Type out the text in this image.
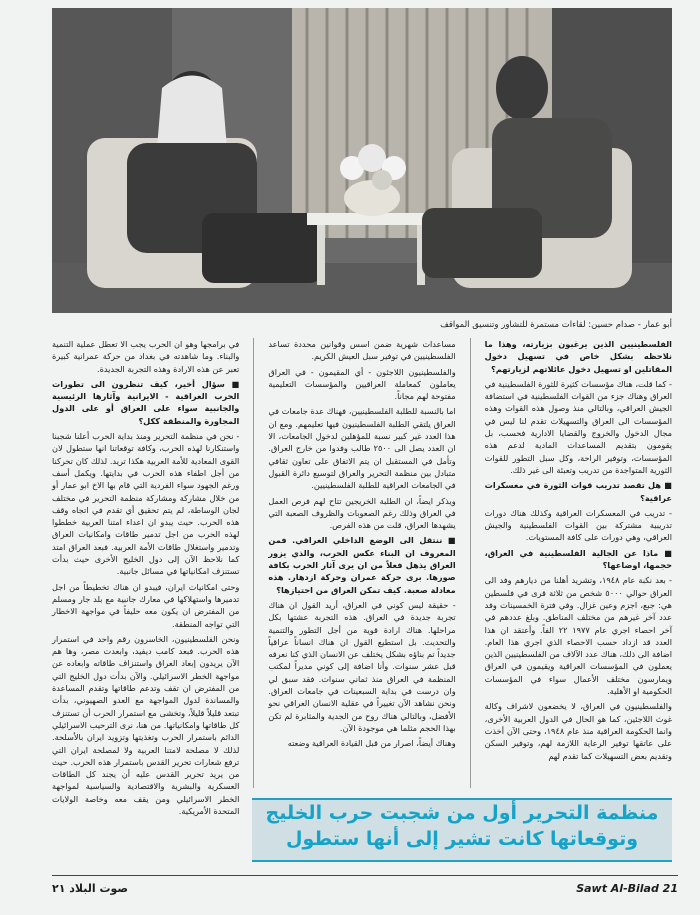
أبو عمار - صدام حسين: لقاءات مستمرة للتشاور وتنسيق المواقف

الفلسطينيين الذين يرغبون بزيارته، وهذا ما نلاحظه بشكل خاص في تسهيل دخول المقاتلين او تسهيل دخول عائلاتهم لزيارتهم؟

- كما قلت، هناك مؤسسات كثيرة للثورة الفلسطينية في العراق وهناك جزء من القوات الفلسطينية في استضافة الجيش العراقي، وبالتالي منذ وصول هذه القوات وهذه المؤسسات الى العراق والتسهيلات تقدم لنا ليس في مجال الدخول والخروج والقضايا الادارية فحسب، بل يقومون بتقديم المساعدات المادية لدعم هذه المؤسسات، وتوفير الراحة، وكل سبل التطور للقوات الثورية المتواجدة من تدريب وتعبئة الى غير ذلك.

■ هل تقصد تدريب قوات الثورة في معسكرات عراقية؟

- تدريب في المعسكرات العراقية وكذلك هناك دورات تدريبية مشتركة بين القوات الفلسطينية والجيش العراقي، وهي دورات على كافة المستويات.

■ ماذا عن الجالية الفلسطينية في العراق، حجمها، اوضاعها؟

- بعد نكبة عام ١٩٤٨، وتشريد أهلنا من ديارهم وفد الى العراق حوالي ٥٠٠٠ شخص من ثلاثة قرى في فلسطين هي: جبع، اجزم وعين غزال. وفي فترة الخمسينات وفد عدد آخر غيرهم من مختلف المناطق. وبلغ عددهم في آخر احصاء اجري عام ١٩٧٧ ٢٢ الفاً. وأعتقد ان هذا العدد قد ازداد حسب الاحصاء الذي اجري هذا العام. اضافة الى ذلك، هناك عدد الآلاف من الفلسطينيين الذين يعملون في المؤسسات العراقية ويقيمون في العراق ويمارسون مختلف الأعمال سواء في المؤسسات الحكومية او الأهلية.

والفلسطينيون في العراق، لا يخضعون لاشراف وكالة غوث اللاجئين، كما هو الحال في الدول العربية الأخرى، وانما الحكومة العراقية منذ عام ١٩٤٨، وحتى الآن أخذت على عاتقها توفير الرعاية اللازمة لهم، وتوفير السكن وتقديم بعض التسهيلات كما تقدم لهم

مساعدات شهرية ضمن اسس وقوانين محددة تساعد الفلسطينيين في توفير سبل العيش الكريم.

والفلسطينيون اللاجئون - أي المقيمون - في العراق يعاملون كمعاملة العراقيين والمؤسسات التعليمية مفتوحة لهم مجاناً.

اما بالنسبة للطلبة الفلسطينيين، فهناك عدة جامعات في العراق يلتقي الطلبة الفلسطينيون فيها تعليمهم. ومع ان هذا العدد غير كبير نسبة للمؤهلين لدخول الجامعات، الا ان العدد يصل الى ٢٥٠٠ طالب وفدوا من خارج العراق. وتأمل في المستقبل ان يتم الاتفاق على تعاون ثقافي متبادل بين منظمة التحرير والعراق لتوسيع دائرة القبول في الجامعات العراقية للطلبة الفلسطينيين.

ويذكر ايضاً، ان الطلبة الخريجين تتاح لهم فرص العمل في العراق وذلك رغم الصعوبات والظروف الصعبة التي يشهدها العراق، قلت من هذه الفرص.

■ ننتقل الى الوضع الداخلي العراقي. فمن المعروف ان البناء عكس الحرب، والذي يزور العراق يذهل فعلاً من ان يرى آثار الحرب بكافة صورها. برى حركة عمران وحركة ازدهار. هذه معادلة صعبة. كيف تمكن العراق من احتيازها؟

- حقيقة ليس كوني في العراق، أريد القول ان هناك تجربة جديدة في العراق. هذه التجربة عشتها بكل مراحلها. هناك ارادة قوية من أجل التطور والتنمية والتحديث. بل استطيع القول ان هناك انساناً عراقياً جديداً تم بناؤه بشكل يختلف عن الانسان الذي كنا نعرفه قبل عشر سنوات. وأنا اضافة إلى كوني مديراً لمكتب المنظمة في العراق منذ ثماني سنوات. فقد سبق لي وان درست في بداية السبعينات في جامعات العراق. ونحن نشاهد الآن تغييراً في عقلية الانسان العراقي نحو الأفضل، وبالتالي هناك روح من الجدية والمثابرة لم تكن بهذا الحجم مثلما هي موجودة الآن.

وهناك أيضاً، اصرار من قبل القيادة العراقية وضعته

في برامجها وهو ان الحرب يجب الا تعطل عملية التنمية والبناء. وما شاهدته في بغداد من حركة عمرانية كبيرة تعبر عن هذه الارادة وهذه التجربة الجديدة.

■ سؤال أخير، كيف تنظرون الى تطورات الحرب العراقية - الايرانية وآثارها الرئيسية والجانبية سواء على العراق أو على الدول المجاورة والمنطقة ككل؟

- نحن في منظمة التحرير ومنذ بداية الحرب أعلنا شجبنا واستنكارنا لهذه الحرب، وكافة توقعاتنا انها ستطول لان القوى المعادية للأمة العربية هكذا تريد. لذلك كان تحركنا من أجل اطفاء هذه الحرب في بدايتها. ويكمل أسف ورغم الجهود سواء الفردية التي قام بها الاخ ابو عمار أو من خلال مشاركة ومشاركة منظمة التحرير في مختلف لجان الوساطة، لم يتم تحقيق أي تقدم في اتجاه وقف هذه الحرب. حيث يبدو ان اعداء امتنا العربية خططوا لهذه الحرب من اجل تدمير طاقات وامكانيات العراق وتدمير واستغلال طاقات الأمة العربية. فبعد العراق امتد كما نلاحظ الآن إلى دول الخليج الأخرى حيث بدأت تستنزف امكانياتها في مسائل جانبية.

وحتى امكانيات ايران، فيبدو ان هناك تخطيطاً من اجل تدميرها واستهلاكها في معارك جانبية مع بلد جار ومسلم من المفترض ان يكون معه حليفاً في مواجهة الاخطار التي تواجه المنطقة.

ونحن الفلسطينيون، الخاسرون رقم واحد في استمرار هذه الحرب. فبعد كامب ديفيد، وابعدت مصر، وها هم الآن يريدون إبعاد العراق واستنزاف طاقاته وابعاده عن مواجهة الخطر الاسرائيلي. والآن بدأت دول الخليج التي من المفترض ان تقف وتدعم طاقاتها وتقدم المساعدة والمساندة لدول المواجهة مع العدو الصهيوني، بدأت تبتعد قليلاً قليلاً، وتخشى مع استمرار الحرب أن تستنزف كل طاقاتها وامكانياتها. من هنا، نرى الترحيب الاسرائيلي الدائم باستمرار الحرب وتغذيتها وتزويد ايران بالأسلحة. لذلك لا مصلحة لامتنا العربية ولا لمصلحة ايران التي ترفع شعارات تحرير القدس باستمرار هذه الحرب. حيث من يريد تحرير القدس عليه أن يجند كل الطاقات العسكرية والبشرية والاقتصادية والسياسية لمواجهة الخطر الاسرائيلي ومن يقف معه وخاصة الولايات المتحدة الأمريكية.	منظمة التحرير أول من شجبت حرب الخليج
وتوقعاتها كانت تشير إلى أنها ستطول
صوت البلاد ٢١	Sawt Al-Bilad 21
